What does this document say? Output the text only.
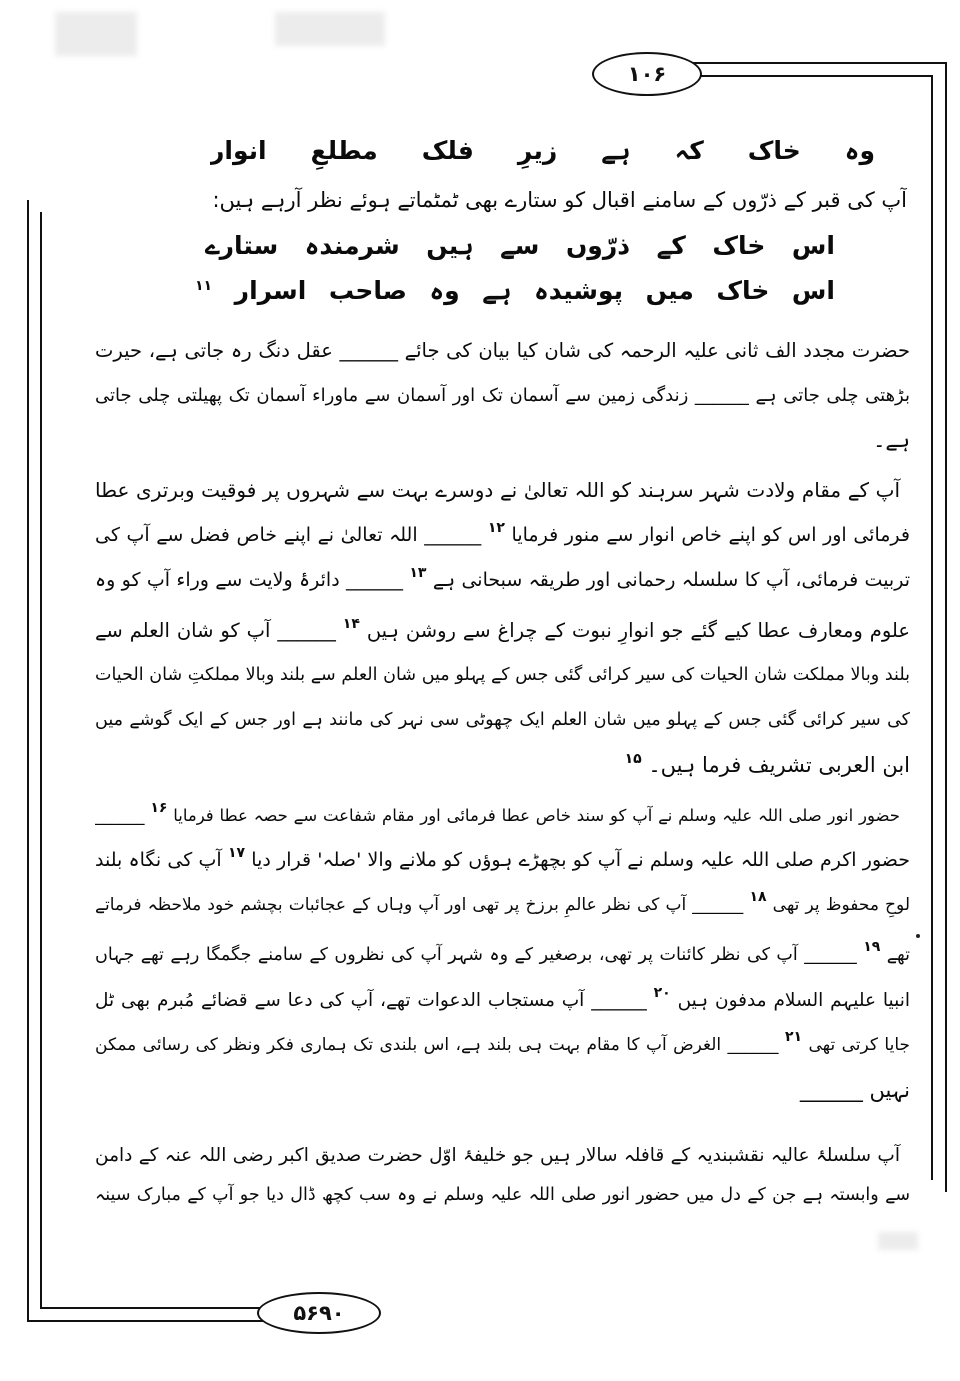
۱۰۶
۵۶۹۰
وہ خاک کہ ہے زیرِ فلک مطلعِ انوار
آپ کی قبر کے ذرّوں کے سامنے اقبال کو ستارے بھی ٹمٹماتے ہوئے نظر آرہے ہیں:
اس خاک کے ذرّوں سے ہیں شرمندہ ستارے
اس خاک میں پوشیدہ ہے وہ صاحب اسرار $^{۱۱}$
حضرت مجدد الف ثانی علیہ الرحمہ کی شان کیا بیان کی جائے ______ عقل دنگ رہ جاتی ہے، حیرت
بڑھتی چلی جاتی ہے ______ زندگی زمین سے آسمان تک اور آسمان سے ماوراء آسمان تک پھیلتی چلی جاتی
ہے۔
آپ کے مقام ولادت شہر سرہند کو اللہ تعالیٰ نے دوسرے بہت سے شہروں پر فوقیت وبرتری عطا
فرمائی اور اس کو اپنے خاص انوار سے منور فرمایا $^{۱۲}$ ______ اللہ تعالیٰ نے اپنے خاص فضل سے آپ کی
تربیت فرمائی، آپ کا سلسلہ رحمانی اور طریقہ سبحانی ہے $^{۱۳}$ ______ دائرۂ ولایت سے وراء آپ کو وہ
علوم ومعارف عطا کیے گئے جو انوارِ نبوت کے چراغ سے روشن ہیں $^{۱۴}$ ______ آپ کو شان العلم سے
بلند وبالا مملکت شان الحیات کی سیر کرائی گئی جس کے پہلو میں شان العلم سے بلند وبالا مملکتِ شان الحیات
کی سیر کرائی گئی جس کے پہلو میں شان العلم ایک چھوٹی سی نہر کی مانند ہے اور جس کے ایک گوشے میں
ابن العربی تشریف فرما ہیں۔ $^{۱۵}$
حضور انور صلی اللہ علیہ وسلم نے آپ کو سند خاص عطا فرمائی اور مقام شفاعت سے حصہ عطا فرمایا $^{۱۶}$ ______
حضور اکرم صلی اللہ علیہ وسلم نے آپ کو بچھڑے ہوؤں کو ملانے والا 'صلہ' قرار دیا $^{۱۷}$ آپ کی نگاہ بلند
لوحِ محفوظ پر تھی $^{۱۸}$ ______ آپ کی نظر عالمِ برزخ پر تھی اور آپ وہاں کے عجائبات بچشم خود ملاحظہ فرماتے
تھے $^{۱۹}$ ______ آپ کی نظر کائنات پر تھی، برصغیر کے وہ شہر آپ کی نظروں کے سامنے جگمگا رہے تھے جہاں
انبیا علیہم السلام مدفون ہیں $^{۲۰}$ ______ آپ مستجاب الدعوات تھے، آپ کی دعا سے قضائے مُبرم بھی ٹل
جایا کرتی تھی $^{۲۱}$ ______ الغرض آپ کا مقام بہت ہی بلند ہے، اس بلندی تک ہماری فکر ونظر کی رسائی ممکن
نہیں ______
آپ سلسلۂ عالیہ نقشبندیہ کے قافلہ سالار ہیں جو خلیفۂ اوّل حضرت صدیق اکبر رضی اللہ عنہ کے دامن
سے وابستہ ہے جن کے دل میں حضور انور صلی اللہ علیہ وسلم نے وہ سب کچھ ڈال دیا جو آپ کے مبارک سینہ
